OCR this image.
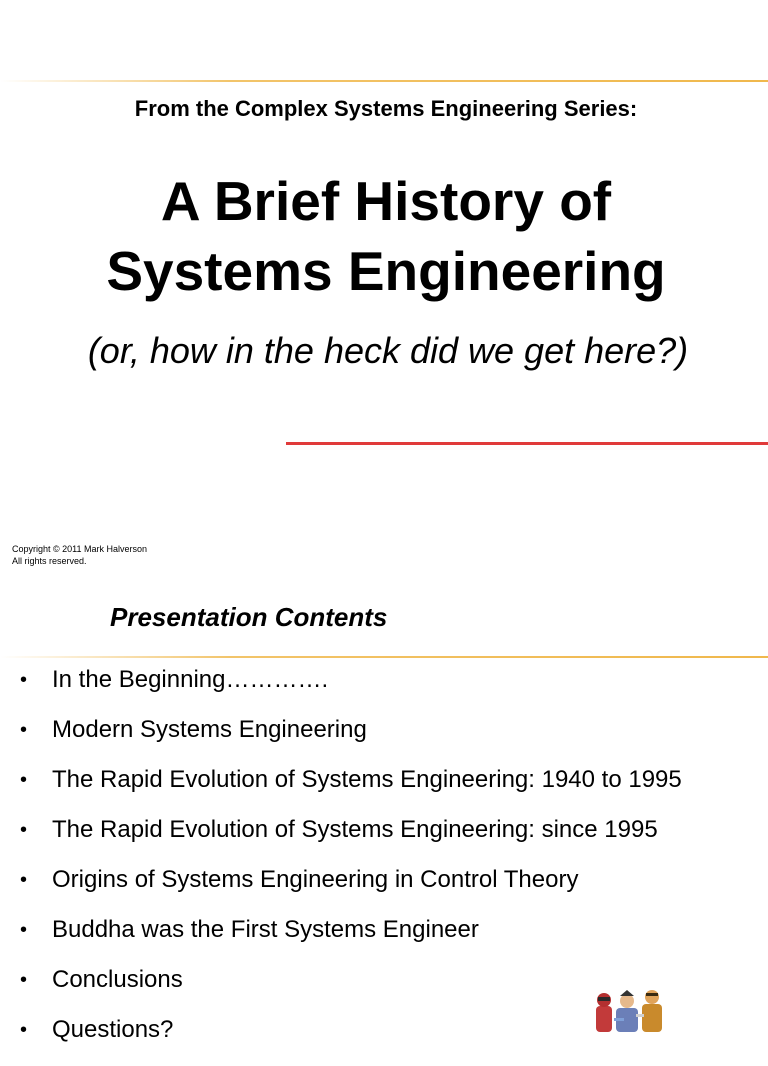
From the Complex Systems Engineering Series:
A Brief History of
Systems Engineering
(or, how in the heck did we get here?)
Copyright © 2011 Mark Halverson
All rights reserved.
Presentation Contents
• In the Beginning………….
• Modern Systems Engineering
• The Rapid Evolution of Systems Engineering: 1940 to 1995
• The Rapid Evolution of Systems Engineering: since 1995
• Origins of Systems Engineering in Control Theory
• Buddha was the First Systems Engineer
• Conclusions
• Questions?
